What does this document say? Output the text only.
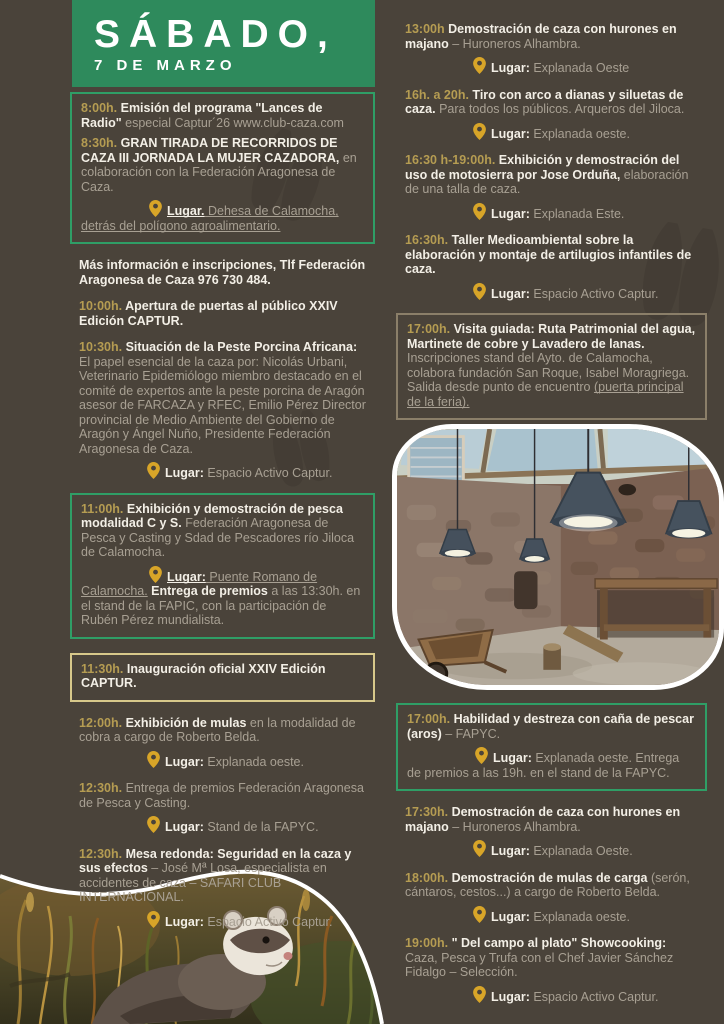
SÁBADO,
7 DE MARZO

8:00h. Emisión del programa "Lances de Radio" especial Captur´26 www.club-caza.com

8:30h. GRAN TIRADA DE RECORRIDOS DE CAZA III JORNADA LA MUJER CAZADORA, en colaboración con la Federación Aragonesa de Caza.

Lugar. Dehesa de Calamocha, detrás del polígono agroalimentario.

Más información e inscripciones, Tlf Federación Aragonesa de Caza 976 730 484.

10:00h. Apertura de puertas al público XXIV Edición CAPTUR.

10:30h. Situación de la Peste Porcina Africana: El papel esencial de la caza por: Nicolás Urbani, Veterinario Epidemiólogo miembro destacado en el comité de expertos ante la peste porcina de Aragón asesor de FARCAZA y RFEC, Emilio Pérez Director provincial de Medio Ambiente del Gobierno de Aragón y Ángel Nuño, Presidente Federación Aragonesa de Caza.

Lugar: Espacio Activo Captur.

11:00h. Exhibición y demostración de pesca modalidad C y S. Federación Aragonesa de Pesca y Casting y Sdad de Pescadores río Jiloca de Calamocha.

Lugar: Puente Romano de Calamocha. Entrega de premios a las 13:30h. en el stand de la FAPIC, con la participación de Rubén Pérez mundialista.

11:30h. Inauguración oficial XXIV Edición CAPTUR.

12:00h. Exhibición de mulas en la modalidad de cobra a cargo de Roberto Belda.

Lugar: Explanada oeste.

12:30h. Entrega de premios Federación Aragonesa de Pesca y Casting.

Lugar: Stand de la FAPYC.

12:30h. Mesa redonda: Seguridad en la caza y sus efectos – José Mª Losa, especialista en accidentes de caza – SAFARI CLUB INTERNACIONAL.

Lugar: Espacio Activo Captur.

13:00h Demostración de caza con hurones en majano – Huroneros Alhambra.

Lugar: Explanada Oeste

16h. a 20h. Tiro con arco a dianas y siluetas de caza. Para todos los públicos. Arqueros del Jiloca.

Lugar: Explanada oeste.

16:30 h-19:00h. Exhibición y demostración del uso de motosierra por Jose Orduña, elaboración de una talla de caza.

Lugar: Explanada Este.

16:30h. Taller Medioambiental sobre la elaboración y montaje de artilugios infantiles de caza.

Lugar: Espacio Activo Captur.

17:00h. Visita guiada: Ruta Patrimonial del agua, Martinete de cobre y Lavadero de lanas. Inscripciones stand del Ayto. de Calamocha, colabora fundación San Roque, Isabel Moragriega. Salida desde punto de encuentro (puerta principal de la feria).

17:00h. Habilidad y destreza con caña de pescar (aros) – FAPYC.

Lugar: Explanada oeste. Entrega de premios a las 19h. en el stand de la FAPYC.

17:30h. Demostración de caza con hurones en majano – Huroneros Alhambra.

Lugar: Explanada Oeste.

18:00h. Demostración de mulas de carga (serón, cántaros, cestos...) a cargo de Roberto Belda.

Lugar: Explanada oeste.

19:00h. " Del campo al plato" Showcooking: Caza, Pesca y Trufa con el Chef Javier Sánchez Fidalgo – Selección.

Lugar: Espacio Activo Captur.
